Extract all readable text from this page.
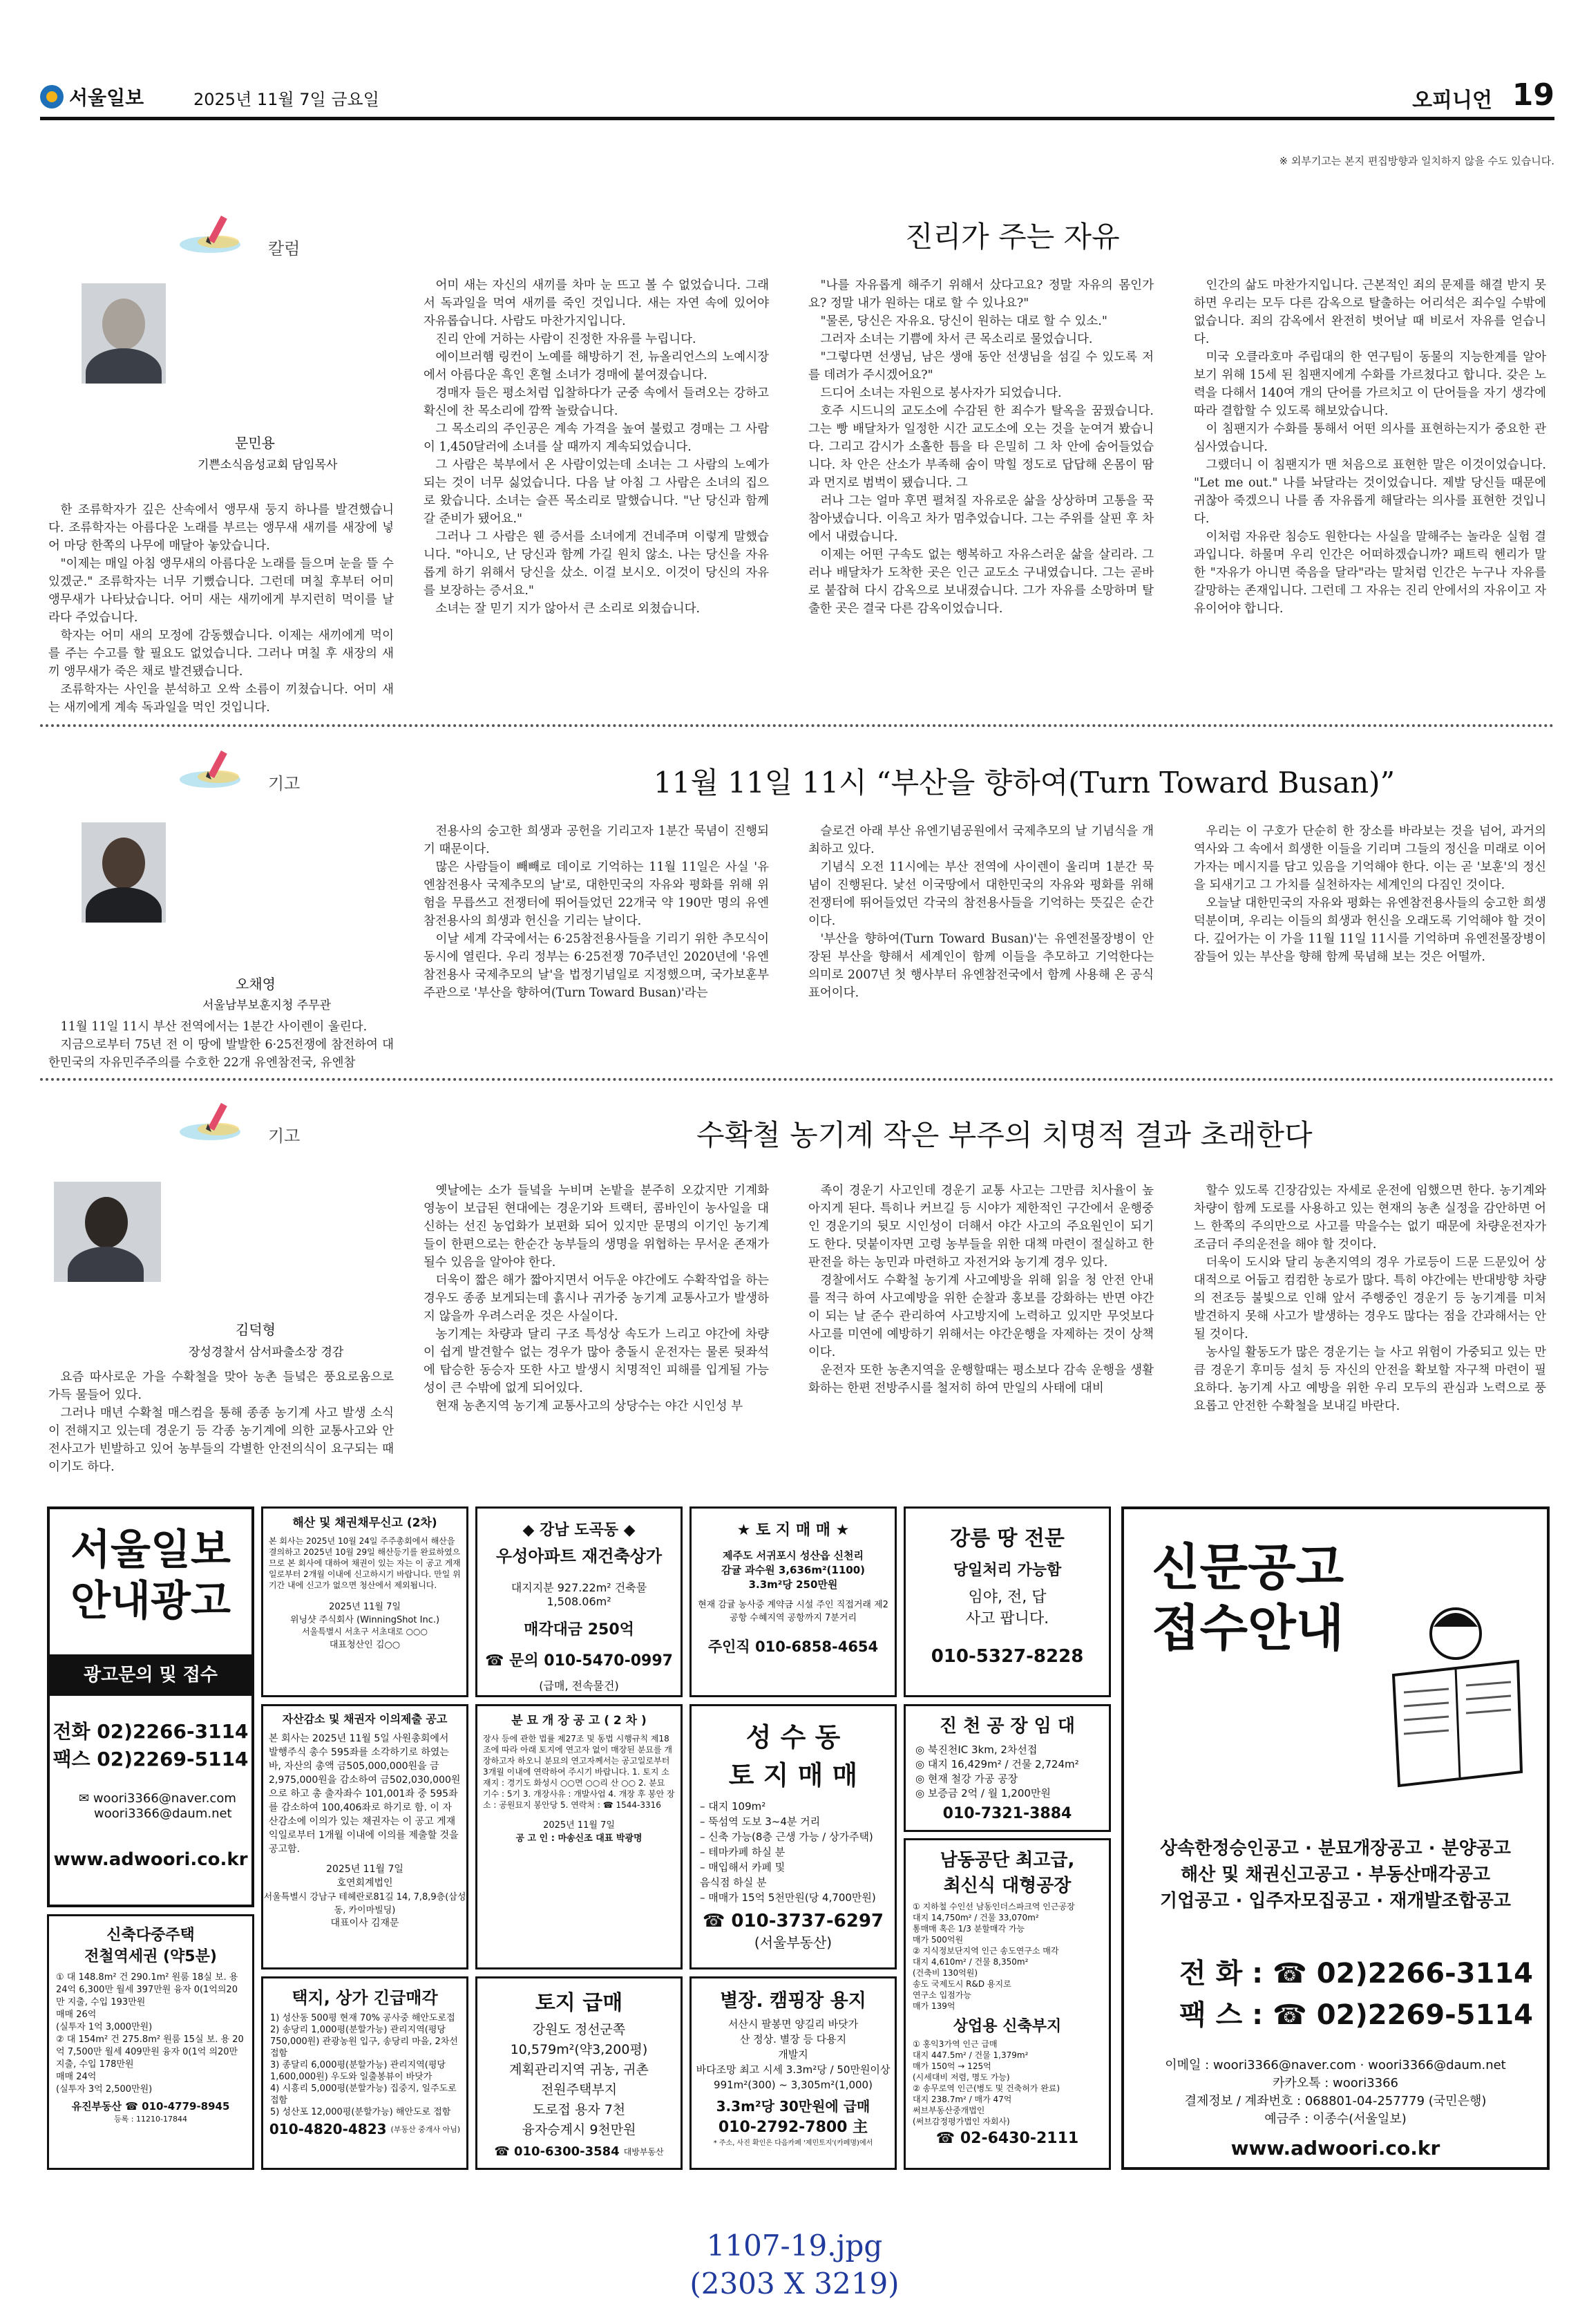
서울일보	2025년 11월 7일 금요일	오피니언 19
※ 외부기고는 본지 편집방향과 일치하지 않을 수도 있습니다.
칼럼	진리가 주는 자유
문민용
기쁜소식음성교회 담임목사

한 조류학자가 깊은 산속에서 앵무새 둥지 하나를 발견했습니다. 조류학자는 아름다운 노래를 부르는 앵무새 새끼를 새장에 넣어 마당 한쪽의 나무에 매달아 놓았습니다.

"이제는 매일 아침 앵무새의 아름다운 노래를 들으며 눈을 뜰 수 있겠군." 조류학자는 너무 기뻤습니다. 그런데 며칠 후부터 어미 앵무새가 나타났습니다. 어미 새는 새끼에게 부지런히 먹이를 날라다 주었습니다.

학자는 어미 새의 모정에 감동했습니다. 이제는 새끼에게 먹이를 주는 수고를 할 필요도 없었습니다. 그러나 며칠 후 새장의 새끼 앵무새가 죽은 채로 발견됐습니다.

조류학자는 사인을 분석하고 오싹 소름이 끼쳤습니다. 어미 새는 새끼에게 계속 독과일을 먹인 것입니다.

어미 새는 자신의 새끼를 차마 눈 뜨고 볼 수 없었습니다. 그래서 독과일을 먹여 새끼를 죽인 것입니다. 새는 자연 속에 있어야 자유롭습니다. 사람도 마찬가지입니다.

진리 안에 거하는 사람이 진정한 자유를 누립니다.

에이브러햄 링컨이 노예를 해방하기 전, 뉴올리언스의 노예시장에서 아름다운 흑인 혼혈 소녀가 경매에 붙여졌습니다.

경매자 들은 평소처럼 입찰하다가 군중 속에서 들려오는 강하고 확신에 찬 목소리에 깜짝 놀랐습니다.

그 목소리의 주인공은 계속 가격을 높여 불렀고 경매는 그 사람이 1,450달러에 소녀를 살 때까지 계속되었습니다.

그 사람은 북부에서 온 사람이었는데 소녀는 그 사람의 노예가 되는 것이 너무 싫었습니다. 다음 날 아침 그 사람은 소녀의 집으로 왔습니다. 소녀는 슬픈 목소리로 말했습니다. "난 당신과 함께 갈 준비가 됐어요."

그러나 그 사람은 웬 증서를 소녀에게 건네주며 이렇게 말했습니다. "아니오, 난 당신과 함께 가길 원치 않소. 나는 당신을 자유롭게 하기 위해서 당신을 샀소. 이걸 보시오. 이것이 당신의 자유를 보장하는 증서요."

소녀는 잘 믿기 지가 않아서 큰 소리로 외쳤습니다.

"나를 자유롭게 해주기 위해서 샀다고요? 정말 자유의 몸인가요? 정말 내가 원하는 대로 할 수 있나요?"

"물론, 당신은 자유요. 당신이 원하는 대로 할 수 있소."

그러자 소녀는 기쁨에 차서 큰 목소리로 물었습니다.

"그렇다면 선생님, 남은 생애 동안 선생님을 섬길 수 있도록 저를 데려가 주시겠어요?"

드디어 소녀는 자원으로 봉사자가 되었습니다.

호주 시드니의 교도소에 수감된 한 죄수가 탈옥을 꿈꿨습니다. 그는 빵 배달차가 일정한 시간 교도소에 오는 것을 눈여겨 봤습니다. 그리고 감시가 소홀한 틈을 타 은밀히 그 차 안에 숨어들었습니다. 차 안은 산소가 부족해 숨이 막힐 정도로 답답해 온몸이 땀과 먼지로 범벅이 됐습니다. 그

러나 그는 얼마 후면 펼쳐질 자유로운 삶을 상상하며 고통을 꾹 참아냈습니다. 이윽고 차가 멈추었습니다. 그는 주위를 살핀 후 차에서 내렸습니다.

이제는 어떤 구속도 없는 행복하고 자유스러운 삶을 살리라. 그러나 배달차가 도착한 곳은 인근 교도소 구내였습니다. 그는 곧바로 붙잡혀 다시 감옥으로 보내졌습니다. 그가 자유를 소망하며 탈출한 곳은 결국 다른 감옥이었습니다.

인간의 삶도 마찬가지입니다. 근본적인 죄의 문제를 해결 받지 못하면 우리는 모두 다른 감옥으로 탈출하는 어리석은 죄수일 수밖에 없습니다. 죄의 감옥에서 완전히 벗어날 때 비로서 자유를 얻습니다.

미국 오클라호마 주립대의 한 연구팀이 동물의 지능한계를 알아보기 위해 15세 된 침팬지에게 수화를 가르쳤다고 합니다. 갖은 노력을 다해서 140여 개의 단어를 가르치고 이 단어들을 자기 생각에 따라 결합할 수 있도록 해보았습니다.

이 침팬지가 수화를 통해서 어떤 의사를 표현하는지가 중요한 관심사였습니다.

그랬더니 이 침팬지가 맨 처음으로 표현한 말은 이것이었습니다. "Let me out." 나를 놔달라는 것이었습니다. 제발 당신들 때문에 귀찮아 죽겠으니 나를 좀 자유롭게 해달라는 의사를 표현한 것입니다.

이처럼 자유란 침승도 원한다는 사실을 말해주는 놀라운 실험 결과입니다. 하물며 우리 인간은 어떠하겠습니까? 패트릭 헨리가 말한 "자유가 아니면 죽음을 달라"라는 말처럼 인간은 누구나 자유를 갈망하는 존재입니다. 그런데 그 자유는 진리 안에서의 자유이고 자유이어야 합니다.

기고	11월 11일 11시 “부산을 향하여(Turn Toward Busan)”
오채영
서울남부보훈지청 주무관

11월 11일 11시 부산 전역에서는 1분간 사이렌이 울린다.

지금으로부터 75년 전 이 땅에 발발한 6·25전쟁에 참전하여 대한민국의 자유민주주의를 수호한 22개 유엔참전국, 유엔참

전용사의 숭고한 희생과 공헌을 기리고자 1분간 묵념이 진행되기 때문이다.

많은 사람들이 빼빼로 데이로 기억하는 11월 11일은 사실 '유엔참전용사 국제추모의 날'로, 대한민국의 자유와 평화를 위해 위험을 무릅쓰고 전쟁터에 뛰어들었던 22개국 약 190만 명의 유엔참전용사의 희생과 헌신을 기리는 날이다.

이날 세계 각국에서는 6·25참전용사들을 기리기 위한 추모식이 동시에 열린다. 우리 정부는 6·25전쟁 70주년인 2020년에 '유엔참전용사 국제추모의 날'을 법정기념일로 지정했으며, 국가보훈부 주관으로 '부산을 향하여(Turn Toward Busan)'라는

슬로건 아래 부산 유엔기념공원에서 국제추모의 날 기념식을 개최하고 있다.

기념식 오전 11시에는 부산 전역에 사이렌이 울리며 1분간 묵념이 진행된다. 낯선 이국땅에서 대한민국의 자유와 평화를 위해 전쟁터에 뛰어들었던 각국의 참전용사들을 기억하는 뜻깊은 순간이다.

'부산을 향하여(Turn Toward Busan)'는 유엔전몰장병이 안장된 부산을 향해서 세계인이 함께 이들을 추모하고 기억한다는 의미로 2007년 첫 행사부터 유엔참전국에서 함께 사용해 온 공식 표어이다.

우리는 이 구호가 단순히 한 장소를 바라보는 것을 넘어, 과거의 역사와 그 속에서 희생한 이들을 기리며 그들의 정신을 미래로 이어가자는 메시지를 담고 있음을 기억해야 한다. 이는 곧 '보훈'의 정신을 되새기고 그 가치를 실천하자는 세계인의 다짐인 것이다.

오늘날 대한민국의 자유와 평화는 유엔참전용사들의 숭고한 희생 덕분이며, 우리는 이들의 희생과 헌신을 오래도록 기억해야 할 것이다. 깊어가는 이 가을 11월 11일 11시를 기억하며 유엔전몰장병이 잠들어 있는 부산을 향해 함께 묵념해 보는 것은 어떨까.

기고	수확철 농기계 작은 부주의 치명적 결과 초래한다
김덕형
장성경찰서 삼서파출소장 경감

요즘 따사로운 가을 수확철을 맞아 농촌 들녘은 풍요로움으로 가득 물들어 있다.

그러나 매년 수확철 매스컴을 통해 종종 농기계 사고 발생 소식이 전해지고 있는데 경운기 등 각종 농기계에 의한 교통사고와 안전사고가 빈발하고 있어 농부들의 각별한 안전의식이 요구되는 때이기도 하다.

옛날에는 소가 들녘을 누비며 논밭을 분주히 오갔지만 기계화 영농이 보급된 현대에는 경운기와 트랙터, 콤바인이 농사일을 대신하는 선진 농업화가 보편화 되어 있지만 문명의 이기인 농기계들이 한편으로는 한순간 농부들의 생명을 위협하는 무서운 존재가 될수 있음을 알아야 한다.

더욱이 짧은 해가 짧아지면서 어두운 야간에도 수확작업을 하는 경우도 종종 보게되는데 흙시나 귀가중 농기계 교통사고가 발생하지 않을까 우려스러운 것은 사실이다.

농기계는 차량과 달리 구조 특성상 속도가 느리고 야간에 차량이 쉽게 발견할수 없는 경우가 많아 충돌시 운전자는 물론 뒷좌석에 탑승한 동승자 또한 사고 발생시 치명적인 피해를 입게될 가능성이 큰 수밖에 없게 되어있다.

현재 농촌지역 농기계 교통사고의 상당수는 야간 시인성 부

족이 경운기 사고인데 경운기 교통 사고는 그만큼 치사율이 높아지게 된다. 특히나 커브길 등 시야가 제한적인 구간에서 운행중인 경운기의 뒷모 시인성이 더해서 야간 사고의 주요원인이 되기도 한다. 덧붙이자면 고령 농부들을 위한 대책 마련이 절실하고 한판전을 하는 농민과 마련하고 자전거와 농기계 경우 있다.

경찰에서도 수확철 농기계 사고예방을 위해 읽을 청 안전 안내를 적극 하여 사고예방을 위한 순찰과 홍보를 강화하는 반면 야간이 되는 날 준수 관리하여 사고방지에 노력하고 있지만 무엇보다 사고를 미연에 예방하기 위해서는 야간운행을 자제하는 것이 상책이다.

운전자 또한 농촌지역을 운행할때는 평소보다 감속 운행을 생활화하는 한편 전방주시를 철저히 하여 만일의 사태에 대비

할수 있도록 긴장감있는 자세로 운전에 임했으면 한다. 농기계와 차량이 함께 도로를 사용하고 있는 현재의 농촌 실정을 감안하면 어느 한쪽의 주의만으로 사고를 막을수는 없기 때문에 차량운전자가 조금더 주의운전을 해야 할 것이다.

더욱이 도시와 달리 농촌지역의 경우 가로등이 드문 드문있어 상대적으로 어둡고 컴컴한 농로가 많다. 특히 야간에는 반대방향 차량의 전조등 불빛으로 인해 앞서 주행중인 경운기 등 농기계를 미처 발견하지 못해 사고가 발생하는 경우도 많다는 점을 간과해서는 안될 것이다.

농사일 활동도가 많은 경운기는 늘 사고 위험이 가중되고 있는 만큼 경운기 후미등 설치 등 자신의 안전을 확보할 자구책 마련이 필요하다. 농기계 사고 예방을 위한 우리 모두의 관심과 노력으로 풍요롭고 안전한 수확철을 보내길 바란다.

서울일보
안내광고
광고문의 및 접수
전화 02)2266-3114
팩스 02)2269-5114
✉ woori3366@naver.com
woori3366@daum.net
www.adwoori.co.kr
해산 및 채권채무신고 (2차)
본 회사는 2025년 10월 24일 주주총회에서 해산을 결의하고 2025년 10월 29일 해산등기를 완료하였으므로 본 회사에 대하여 채권이 있는 자는 이 공고 게재일로부터 2개월 이내에 신고하시기 바랍니다. 만일 위 기간 내에 신고가 없으면 청산에서 제외됩니다.
2025년 11월 7일
위닝샷 주식회사 (WinningShot Inc.)
서울특별시 서초구 서초대로 ○○○
대표청산인 김○○
◆ 강남 도곡동 ◆
우성아파트 재건축상가
대지지분 927.22m² 건축물 1,508.06m²
매각대금 250억
☎ 문의 010-5470-0997
(급매, 전속물건)
★ 토 지 매 매 ★
제주도 서귀포시 성산읍 신천리
감귤 과수원 3,636m²(1100)
3.3m²당 250만원
현재 감귤 농사중 계약금 시설 주인 직접거래 제2공항 수혜지역 공항까지 7분거리
주인직 010-6858-4654
강릉 땅 전문
당일처리 가능함
임야, 전, 답
사고 팝니다.
010-5327-8228
신문공고 접수안내
상속한정승인공고 · 분묘개장공고 · 분양공고
해산 및 채권신고공고 · 부동산매각공고
기업공고 · 입주자모집공고 · 재개발조합공고
전 화 : ☎ 02)2266-3114
팩 스 : ☎ 02)2269-5114
이메일 : woori3366@naver.com · woori3366@daum.net
카카오톡 : woori3366
결제정보 / 계좌번호 : 068801-04-257779 (국민은행)
예금주 : 이종수(서울일보)
www.adwoori.co.kr
자산감소 및 채권자 이의제출 공고
본 회사는 2025년 11월 5일 사원총회에서 발행주식 총수 595좌를 소각하기로 하였는바, 자산의 총액 금505,000,000원을 금2,975,000원을 감소하여 금502,030,000원으로 하고 총 출자좌수 101,001좌 중 595좌를 감소하여 100,406좌로 하기로 함. 이 자산감소에 이의가 있는 채권자는 이 공고 게재 익일로부터 1개월 이내에 이의를 제출할 것을 공고함.
2025년 11월 7일
호연회계법인
서울특별시 강남구 테헤란로81길 14, 7,8,9층(삼성동, 카이마빌딩)
대표이사 김재문
분 묘 개 장 공 고 ( 2 차 )
장사 등에 관한 법률 제27조 및 동법 시행규칙 제18조에 따라 아래 토지에 연고자 없이 매장된 분묘를 개장하고자 하오니 분묘의 연고자께서는 공고일로부터 3개월 이내에 연락하여 주시기 바랍니다. 1. 토지 소재지 : 경기도 화성시 ○○면 ○○리 산 ○○ 2. 분묘 기수 : 5기 3. 개장사유 : 개발사업 4. 개장 후 봉안 장소 : 공원묘지 봉안당 5. 연락처 : ☎ 1544-3316
2025년 11월 7일
공 고 인 : 마송신조 대표 박광명
성 수 동
토 지 매 매
– 대지 109m²
– 뚝섬역 도보 3~4분 거리
– 신축 가능(8층 근생 가능 / 상가주택)
– 테마카페 하실 분
– 매입해서 카페 및
음식점 하실 분
– 매매가 15억 5천만원(당 4,700만원)
☎ 010-3737-6297
(서울부동산)
진 천 공 장 임 대
◎ 북진천IC 3km, 2차선접
◎ 대지 16,429m² / 건물 2,724m²
◎ 현재 철강 가공 공장
◎ 보증금 2억 / 월 1,200만원
010-7321-3884
남동공단 최고급,
최신식 대형공장
① 지하철 수인선 남동인더스파크역 인근공장
대지 14,750m² / 건물 33,070m²
통매매 혹은 1/3 분할매각 가능
매가 500억원
② 지식정보단지역 인근 송도연구소 매각
대지 4,610m² / 건물 8,350m²
(건축비 130억원)
송도 국제도시 R&D 용지로
연구소 입점가능
매가 139억
상업용 신축부지
① 홍익3가역 인근 급매
대지 447.5m² / 건물 1,379m²
매가 150억 → 125억
(시세대비 저렴, 명도 가능)
② 송무로역 인근(병도 및 건축허가 완료)
대지 238.7m² / 매가 47억
써브부동산중개법인
(써브감정평가법인 자회사)
☎ 02-6430-2111
신축다중주택
전철역세권 (약5분)
① 대 148.8m² 건 290.1m² 원룸 18실 보. 용 24억 6,300만 월세 397만원 융자 0(1억의20만 지출, 수입 193만원
매매 26억
(실투자 1억 3,000만원)
② 대 154m² 건 275.8m² 원룸 15실 보. 용 20억 7,500만 월세 409만원 융자 0(1억 의20만 지출, 수입 178만원
매매 24억
(실투자 3억 2,500만원)
유진부동산 ☎ 010-4779-8945
등록 : 11210-17844
택지, 상가 긴급매각
1) 성산동 500평 현재 70% 공사중 해안도로접
2) 송당리 1,000평(분할가능) 관리지역(평당 750,000원) 관광농원 입구, 송당리 마을, 2차선 접함
3) 종달리 6,000평(분할가능) 관리지역(평당 1,600,000원) 우도와 일출봉뷰이 바닷가
4) 시흥리 5,000평(분할가능) 집중지, 일주도로 접함
5) 성산포 12,000평(분할가능) 해안도로 접함
010-4820-4823 (부동산 중개사 아님)
토지 급매
강원도 정선군쪽
10,579m²(약3,200평)
계획관리지역 귀농, 귀촌
전원주택부지
도로접 용자 7천
융자승계시 9천만원
☎ 010-6300-3584 대방부동산
별장. 캠핑장 용지
서산시 팔봉면 양길리 바닷가
산 정상. 별장 등 다용지
개발지
바다조망 최고 시세 3.3m²당 / 50만원이상
991m²(300) ~ 3,305m²(1,000)
3.3m²당 30만원에 급매
010-2792-7800 主
* 주소, 사진 확인은 다음카페 '제민토지'(카페명)에서
1107-19.jpg
(2303 X 3219)
